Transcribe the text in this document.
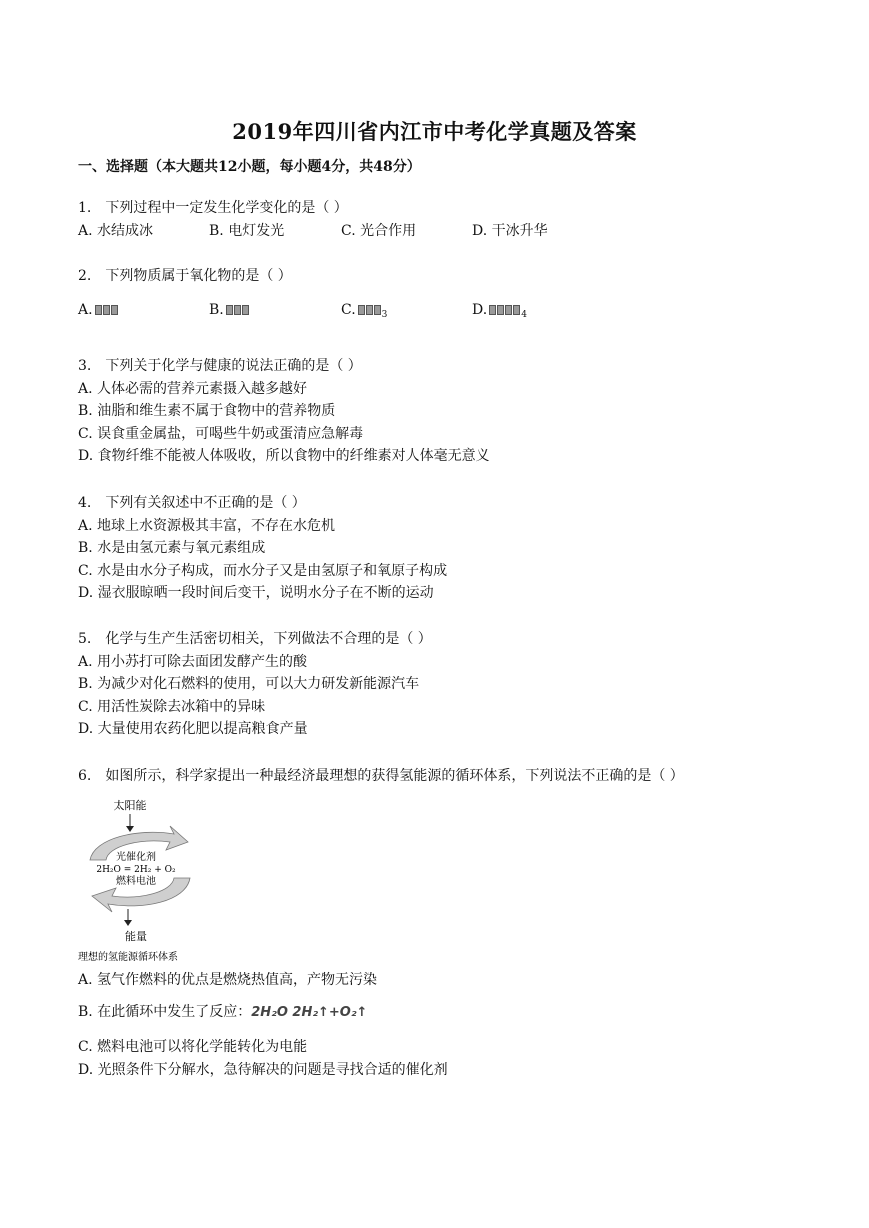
2019年四川省内江市中考化学真题及答案
一、选择题（本大题共12小题，每小题4分，共48分）
1.　下列过程中一定发生化学变化的是（ ）
A. 水结成冰	B. 电灯发光	C. 光合作用	D. 干冰升华
2.　下列物质属于氧化物的是（ ）
A.	B.	C.	$_3$	D.	$_4$
3.　下列关于化学与健康的说法正确的是（ ）
A. 人体必需的营养元素摄入越多越好
B. 油脂和维生素不属于食物中的营养物质
C. 误食重金属盐，可喝些牛奶或蛋清应急解毒
D. 食物纤维不能被人体吸收，所以食物中的纤维素对人体毫无意义
4.　下列有关叙述中不正确的是（ ）
A. 地球上水资源极其丰富，不存在水危机
B. 水是由氢元素与氧元素组成
C. 水是由水分子构成，而水分子又是由氢原子和氧原子构成
D. 湿衣服晾晒一段时间后变干，说明水分子在不断的运动
5.　化学与生产生活密切相关，下列做法不合理的是（ ）
A. 用小苏打可除去面团发酵产生的酸
B. 为减少对化石燃料的使用，可以大力研发新能源汽车
C. 用活性炭除去冰箱中的异味
D. 大量使用农药化肥以提高粮食产量
6.　如图所示，科学家提出一种最经济最理想的获得氢能源的循环体系，下列说法不正确的是（ ）
太阳能
光催化剂
2H₂O = 2H₂ + O₂
燃料电池
能量
理想的氢能源循环体系
A. 氢气作燃料的优点是燃烧热值高，产物无污染
B. 在此循环中发生了反应：2H₂O 2H₂↑+O₂↑
C. 燃料电池可以将化学能转化为电能
D. 光照条件下分解水，急待解决的问题是寻找合适的催化剂
